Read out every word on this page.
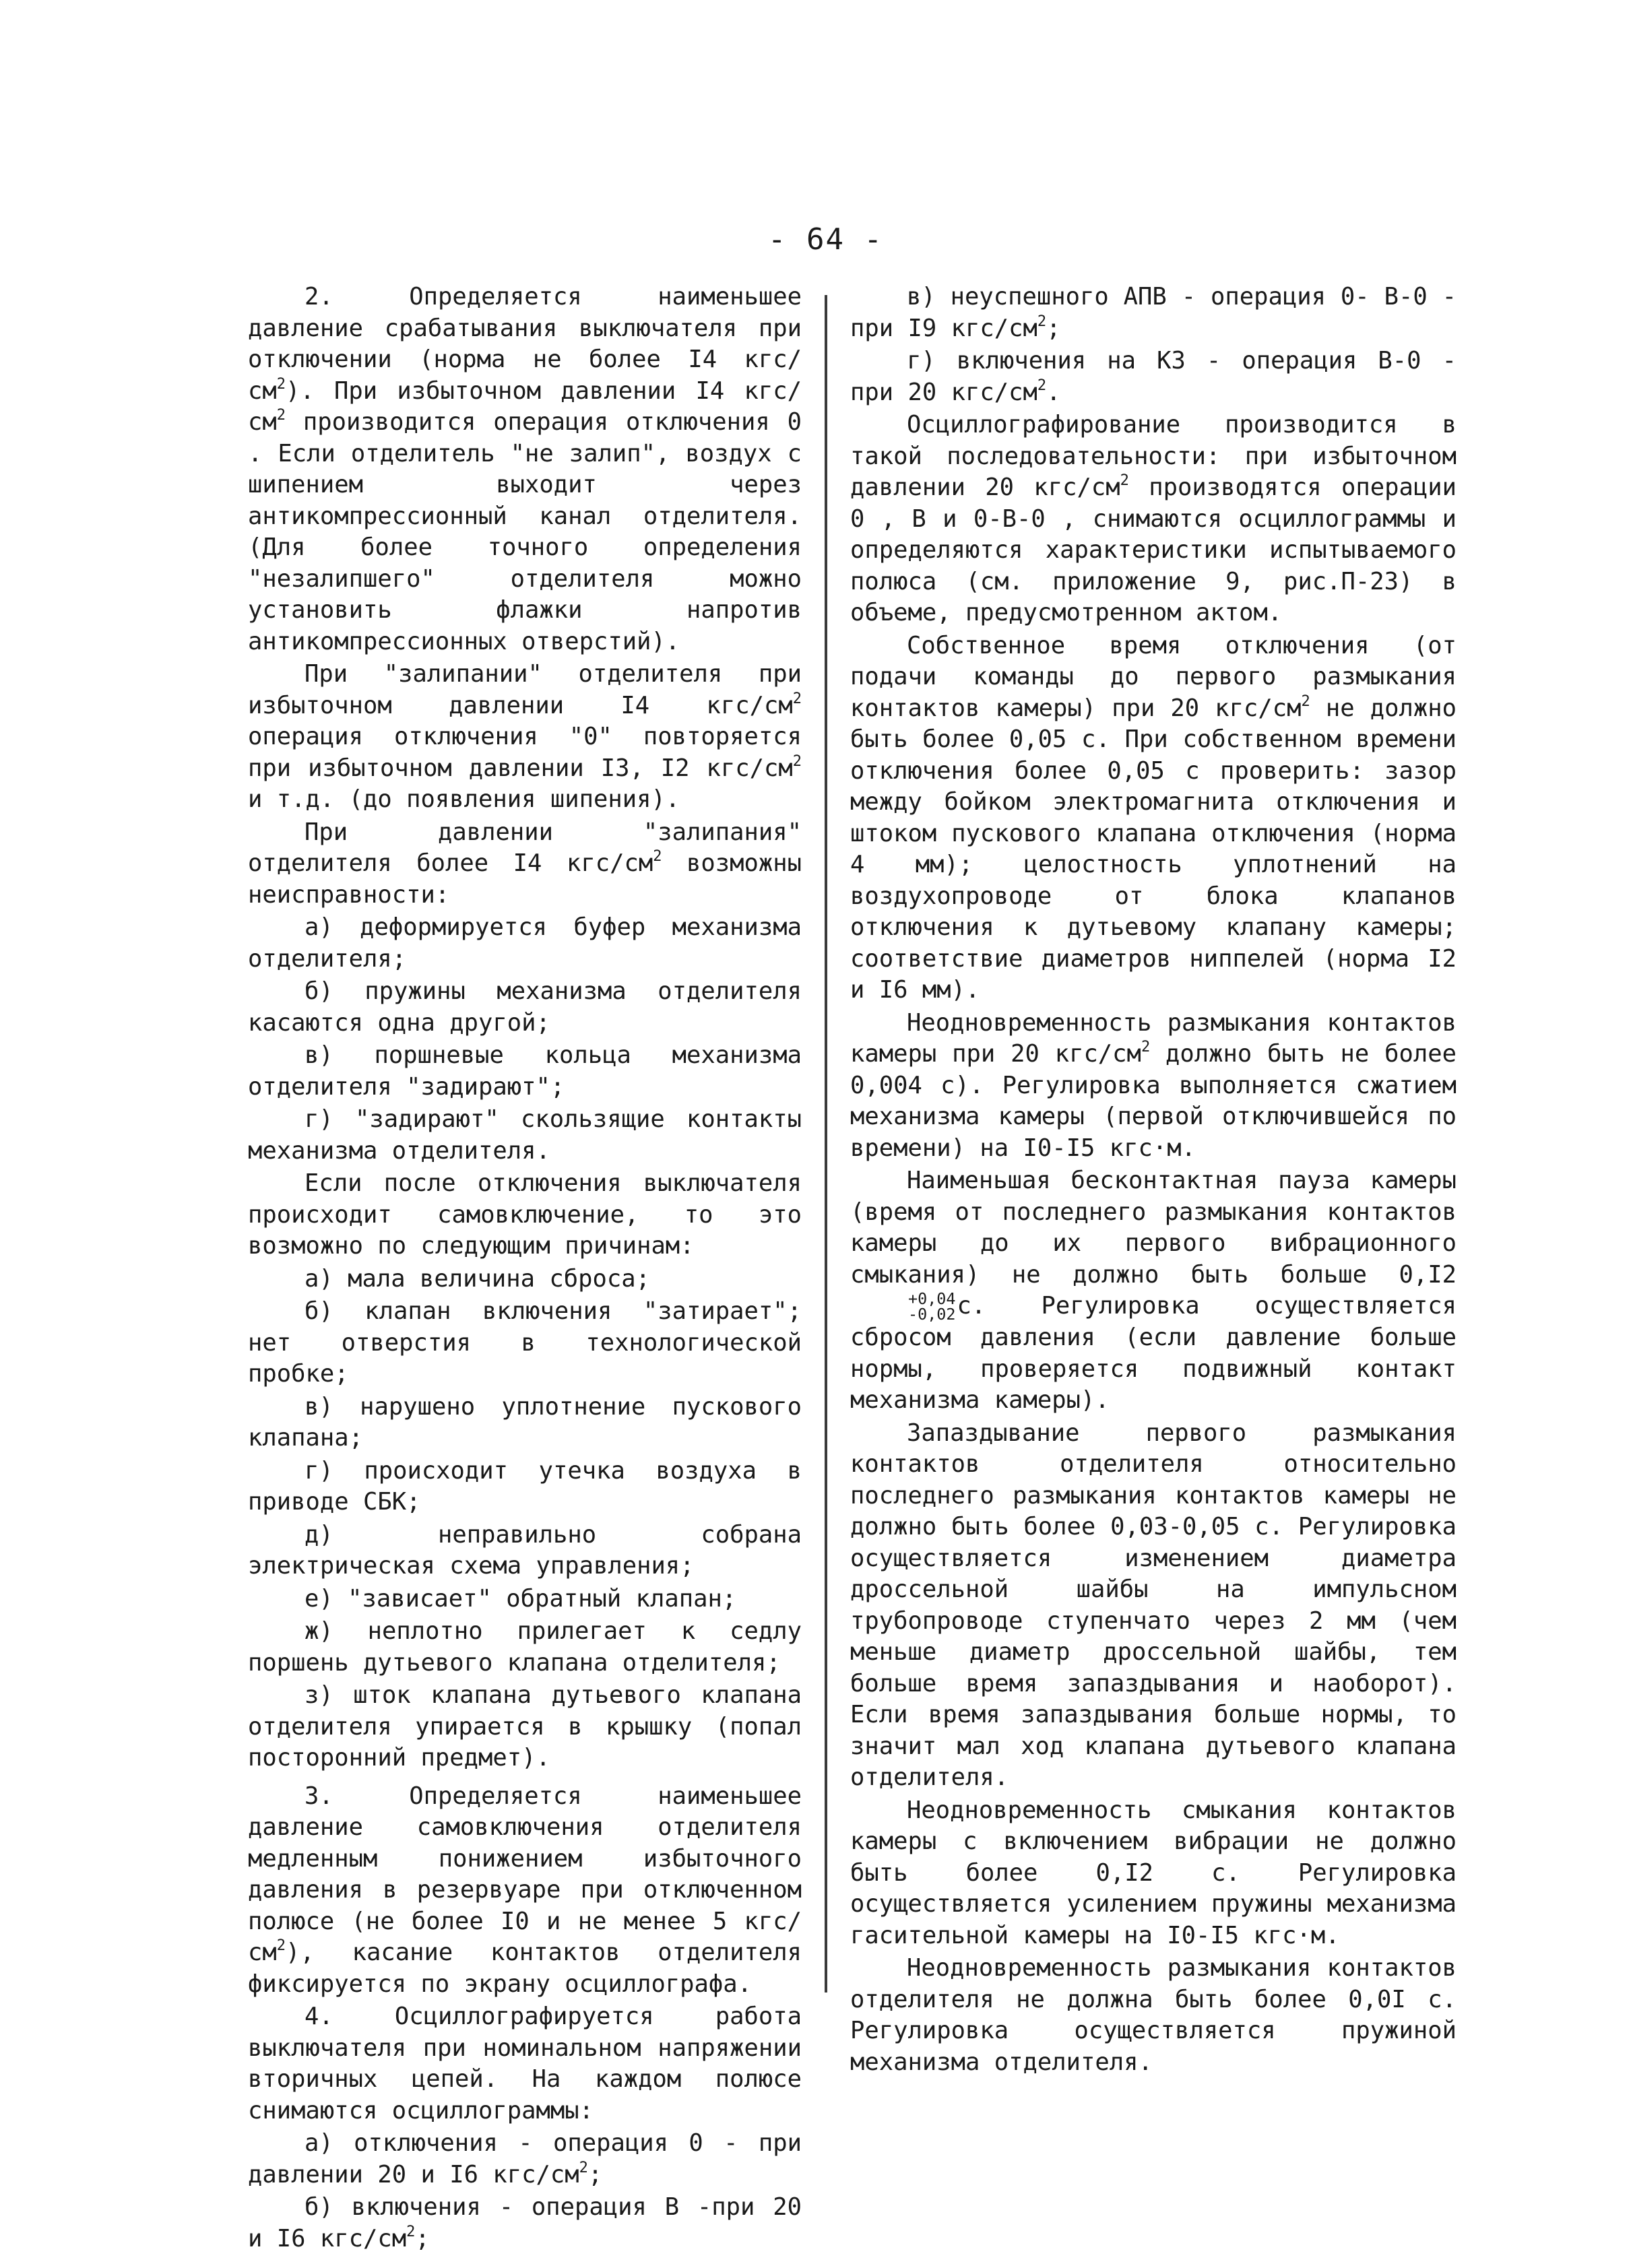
- 64 -

2. Определяется наименьшее давление срабатывания выключателя при отключении (норма не более I4 кгс/$см^2$). При избыточном давлении I4 кгс/$см^2$ производится операция отключения 0 . Если отделитель "не залип", воздух с шипением выходит через антикомпрессионный канал отделителя. (Для более точного определения "незалипшего" отделителя можно установить флажки напротив антикомпрессионных отверстий).

При "залипании" отделителя при избыточном давлении I4 кгс/$см^2$ операция отключения "0" повторяется при избыточном давлении I3, I2 кгс/$см^2$ и т.д. (до появления шипения).

При давлении "залипания" отделителя более I4 кгс/$см^2$ возможны неисправности:

а) деформируется буфер механизма отделителя;

б) пружины механизма отделителя касаются одна другой;

в) поршневые кольца механизма отделителя "задирают";

г) "задирают" скользящие контакты механизма отделителя.

Если после отключения выключателя происходит самовключение, то это возможно по следующим причинам:

а) мала величина сброса;

б) клапан включения "затирает"; нет отверстия в технологической пробке;

в) нарушено уплотнение пускового клапана;

г) происходит утечка воздуха в приводе СБК;

д) неправильно собрана электрическая схема управления;

е) "зависает" обратный клапан;

ж) неплотно прилегает к седлу поршень дутьевого клапана отделителя;

з) шток клапана дутьевого клапана отделителя упирается в крышку (попал посторонний предмет).

3. Определяется наименьшее давление самовключения отделителя медленным понижением избыточного давления в резервуаре при отключенном полюсе (не более I0 и не менее 5 кгс/$см^2$), касание контактов отделителя фиксируется по экрану осциллографа.

4. Осциллографируется работа выключателя при номинальном напряжении вторичных цепей. На каждом полюсе снимаются осциллограммы:

а) отключения - операция 0 - при давлении 20 и I6 кгс/$см^2$;

б) включения - операция В -при 20 и I6 кгс/$см^2$;

в) неуспешного АПВ - операция 0- В-0 - при I9 кгс/$см^2$;

г) включения на КЗ - операция В-0 - при 20 кгс/$см^2$.

Осциллографирование производится в такой последовательности: при избыточном давлении 20 кгс/$см^2$ производятся операции 0 , В и 0-В-0 , снимаются осциллограммы и определяются характеристики испытываемого полюса (см. приложение 9, рис.П-23) в объеме, предусмотренном актом.

Собственное время отключения (от подачи команды до первого размыкания контактов камеры) при 20 кгс/$см^2$ не должно быть более 0,05 с. При собственном времени отключения более 0,05 с проверить: зазор между бойком электромагнита отключения и штоком пускового клапана отключения (норма 4 мм); целостность уплотнений на воздухопроводе от блока клапанов отключения к дутьевому клапану камеры; соответствие диаметров ниппелей (норма I2 и I6 мм).

Неодновременность размыкания контактов камеры при 20 кгс/$см^2$ должно быть не более 0,004 с). Регулировка выполняется сжатием механизма камеры (первой отключившейся по времени) на I0-I5 кгс·м.

Наименьшая бесконтактная пауза камеры (время от последнего размыкания контактов камеры до их первого вибрационного смыкания) не должно быть больше 0,I2
+0,04
-0,02 с. Регулировка осуществляется сбросом давления (если давление больше нормы, проверяется подвижный контакт механизма камеры).

Запаздывание первого размыкания контактов отделителя относительно последнего размыкания контактов камеры не должно быть более 0,03-0,05 с. Регулировка осуществляется изменением диаметра дроссельной шайбы на импульсном трубопроводе ступенчато через 2 мм (чем меньше диаметр дроссельной шайбы, тем больше время запаздывания и наоборот). Если время запаздывания больше нормы, то значит мал ход клапана дутьевого клапана отделителя.

Неодновременность смыкания контактов камеры с включением вибрации не должно быть более 0,I2 с. Регулировка осуществляется усилением пружины механизма гасительной камеры на I0-I5 кгс·м.

Неодновременность размыкания контактов отделителя не должна быть более 0,0I с. Регулировка осуществляется пружиной механизма отделителя.
